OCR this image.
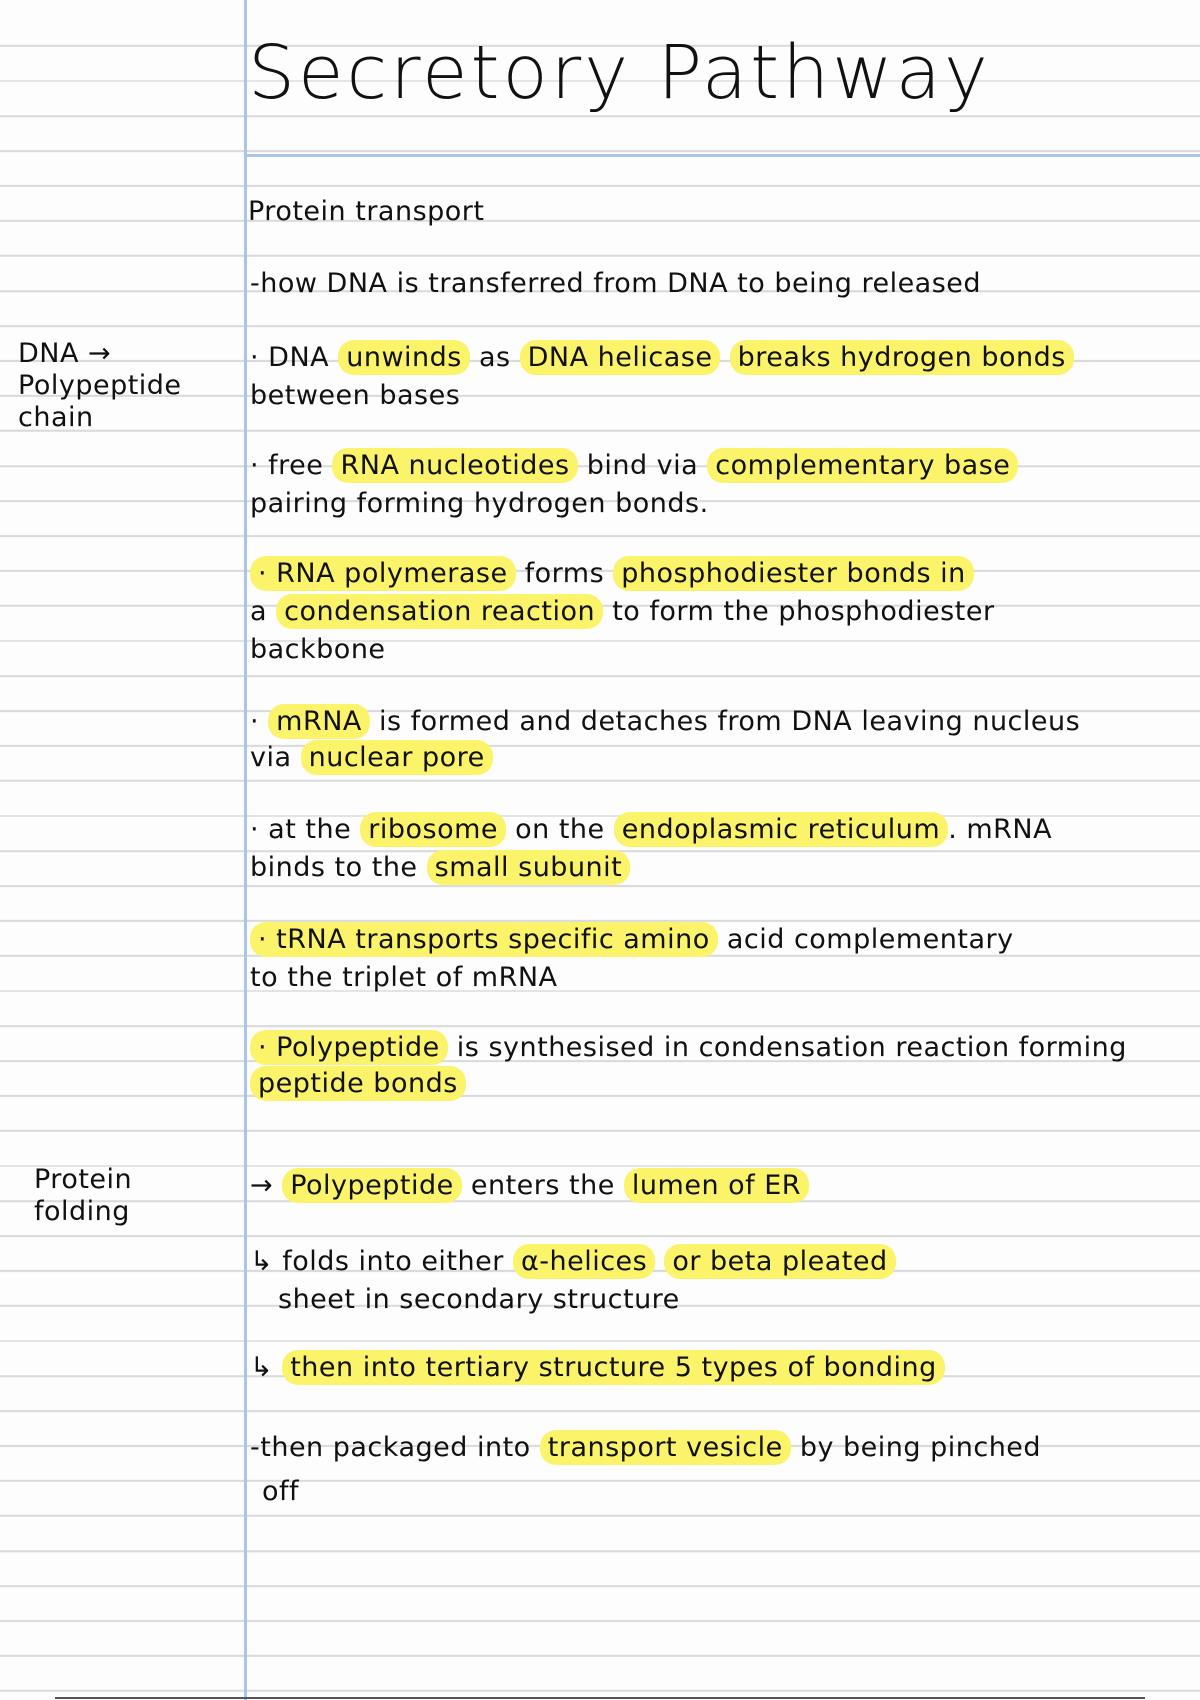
Secretory Pathway
Protein transport
DNA → Polypeptide chain
Protein folding
-how DNA is transferred from DNA to being released
· DNA unwinds as DNA helicase breaks hydrogen bonds
between bases
· free RNA nucleotides bind via complementary base
pairing forming hydrogen bonds.
· RNA polymerase forms phosphodiester bonds in
a condensation reaction to form the phosphodiester
backbone
· mRNA is formed and detaches from DNA leaving nucleus
via nuclear pore
· at the ribosome on the endoplasmic reticulum . mRNA
binds to the small subunit
· tRNA transports specific amino acid complementary
to the triplet of mRNA
· Polypeptide is synthesised in condensation reaction forming
peptide bonds
→ Polypeptide enters the lumen of ER
↳ folds into either α-helices or beta pleated
sheet in secondary structure
↳ then into tertiary structure 5 types of bonding
-then packaged into transport vesicle by being pinched
off
